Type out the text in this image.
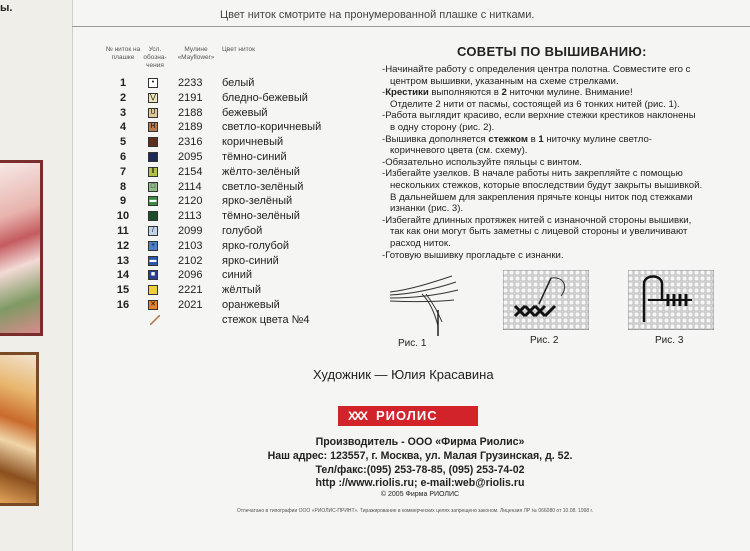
ы.
Цвет ниток смотрите на пронумерованной плашке с нитками.
№ ниток на плашке
Усл. обозна- чения
Мулине «Mayflower»
Цвет ниток
1	•	2233 белый
2	⋁ 2191 бледно-бежевый
3	U 2188 бежевый
4	H 2189 светло-коричневый
5	2316 коричневый
6	2095 тёмно-синий
7	‖	2154 жёлто-зелёный
8	□ 2114 светло-зелёный
9	▬ 2120 ярко-зелёный
10	2113 тёмно-зелёный
11	/	2099 голубой
12	+ 2103 ярко-голубой
13	▬ 2102 ярко-синий
14	■ 2096 синий
15	2221 жёлтый
16	✕ 2021 оранжевый
стежок цвета №4
СОВЕТЫ ПО ВЫШИВАНИЮ:

-Начинайте работу с определения центра полотна. Совместите его с

центром вышивки, указанным на схеме стрелками.

-Крестики выполняются в 2 ниточки мулине. Внимание!

Отделите 2 нити от пасмы, состоящей из 6 тонких нитей (рис. 1).

-Работа выглядит красиво, если верхние стежки крестиков наклонены

в одну сторону (рис. 2).

-Вышивка дополняется стежком в 1 ниточку мулине светло-

коричневого цвета (см. схему).

-Обязательно используйте пяльцы с винтом.

-Избегайте узелков. В начале работы нить закрепляйте с помощью

нескольких стежков, которые впоследствии будут закрыты вышивкой.

В дальнейшем для закрепления прячьте концы ниток под стежками

изнанки (рис. 3).

-Избегайте длинных протяжек нитей с изнаночной стороны вышивки,

так как они могут быть заметны с лицевой стороны и увеличивают

расход ниток.

-Готовую вышивку прогладьте с изнанки.

Рис. 1	Рис. 2	Рис. 3
Художник — Юлия Красавина
XXX РИОЛИС
Производитель - ООО «Фирма Риолис»
Наш адрес: 123557, г. Москва, ул. Малая Грузинская, д. 52.
Тел/факс:(095) 253-78-85, (095) 253-74-02
http ://www.riolis.ru; e-mail:web@riolis.ru
© 2005 Фирма РИОЛИС
Отпечатано в типографии ООО «РИОЛИС-ПРИНТ». Тиражирование в коммерческих целях запрещено законом. Лицензия ЛР № 066080 от 10.08. 1998 г.
